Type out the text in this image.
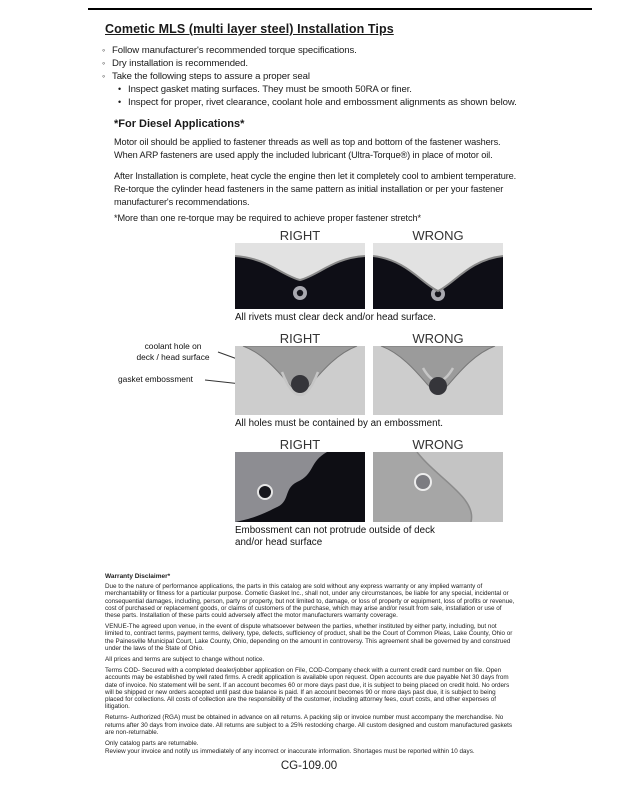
Cometic MLS (multi layer steel) Installation Tips
◦
Follow manufacturer's recommended torque specifications.
◦
Dry installation is recommended.
◦
Take the following steps to assure a proper seal
•
Inspect gasket mating surfaces. They must be smooth 50RA or finer.
•
Inspect for proper, rivet clearance, coolant hole and embossment alignments as shown below.
*For Diesel Applications*
Motor oil should be applied to fastener threads as well as top and bottom of the fastener washers. When ARP fasteners are used apply the included lubricant (Ultra-Torque®) in place of motor oil.
After Installation is complete, heat cycle the engine then let it completely cool to ambient temperature. Re-torque the cylinder head fasteners in the same pattern as initial installation or per your fastener manufacturer's recommendations.
*More than one re-torque may be required to achieve proper fastener stretch*
coolant hole on
deck / head surface
gasket embossment
RIGHT	WRONG
All rivets must clear deck and/or head surface.
RIGHT	WRONG
All holes must be contained by an embossment.
RIGHT	WRONG
Embossment can not protrude outside of deck
and/or head surface
Warranty Disclaimer*

Due to the nature of performance applications, the parts in this catalog are sold without any express warranty or any implied warranty of merchantability or fitness for a particular purpose. Cometic Gasket Inc., shall not, under any circumstances, be liable for any special, incidental or consequential damages, including, person, party or property, but not limited to, damage, or loss of property or equipment, loss of profits or revenue, cost of purchased or replacement goods, or claims of customers of the purchase, which may arise and/or result from sale, installation or use of these parts. Installation of these parts could adversely affect the motor manufacturers warranty coverage.

VENUE-The agreed upon venue, in the event of dispute whatsoever between the parties, whether instituted by either party, including, but not limited to, contract terms, payment terms, delivery, type, defects, sufficiency of product, shall be the Court of Common Pleas, Lake County, Ohio or the Painesville Municipal Court, Lake County, Ohio, depending on the amount in controversy. This agreement shall be governed by and construed under the laws of the State of Ohio.

All prices and terms are subject to change without notice.

Terms COD- Secured with a completed dealer/jobber application on File, COD-Company check with a current credit card number on file. Open accounts may be established by well rated firms. A credit application is available upon request. Open accounts are due payable Net 30 days from date of invoice. No statement will be sent. If an account becomes 60 or more days past due, it is subject to being placed on credit hold. No orders will be shipped or new orders accepted until past due balance is paid. If an account becomes 90 or more days past due, it is subject to being placed for collections. All costs of collection are the responsibility of the customer, including attorney fees, court costs, and other expenses of litigation.

Returns- Authorized (RGA) must be obtained in advance on all returns. A packing slip or invoice number must accompany the merchandise. No returns after 30 days from invoice date. All returns are subject to a 25% restocking charge. All custom designed and custom manufactured gaskets are non-returnable.

Only catalog parts are returnable.

Review your invoice and notify us immediately of any incorrect or inaccurate information. Shortages must be reported within 10 days.

CG-109.00
